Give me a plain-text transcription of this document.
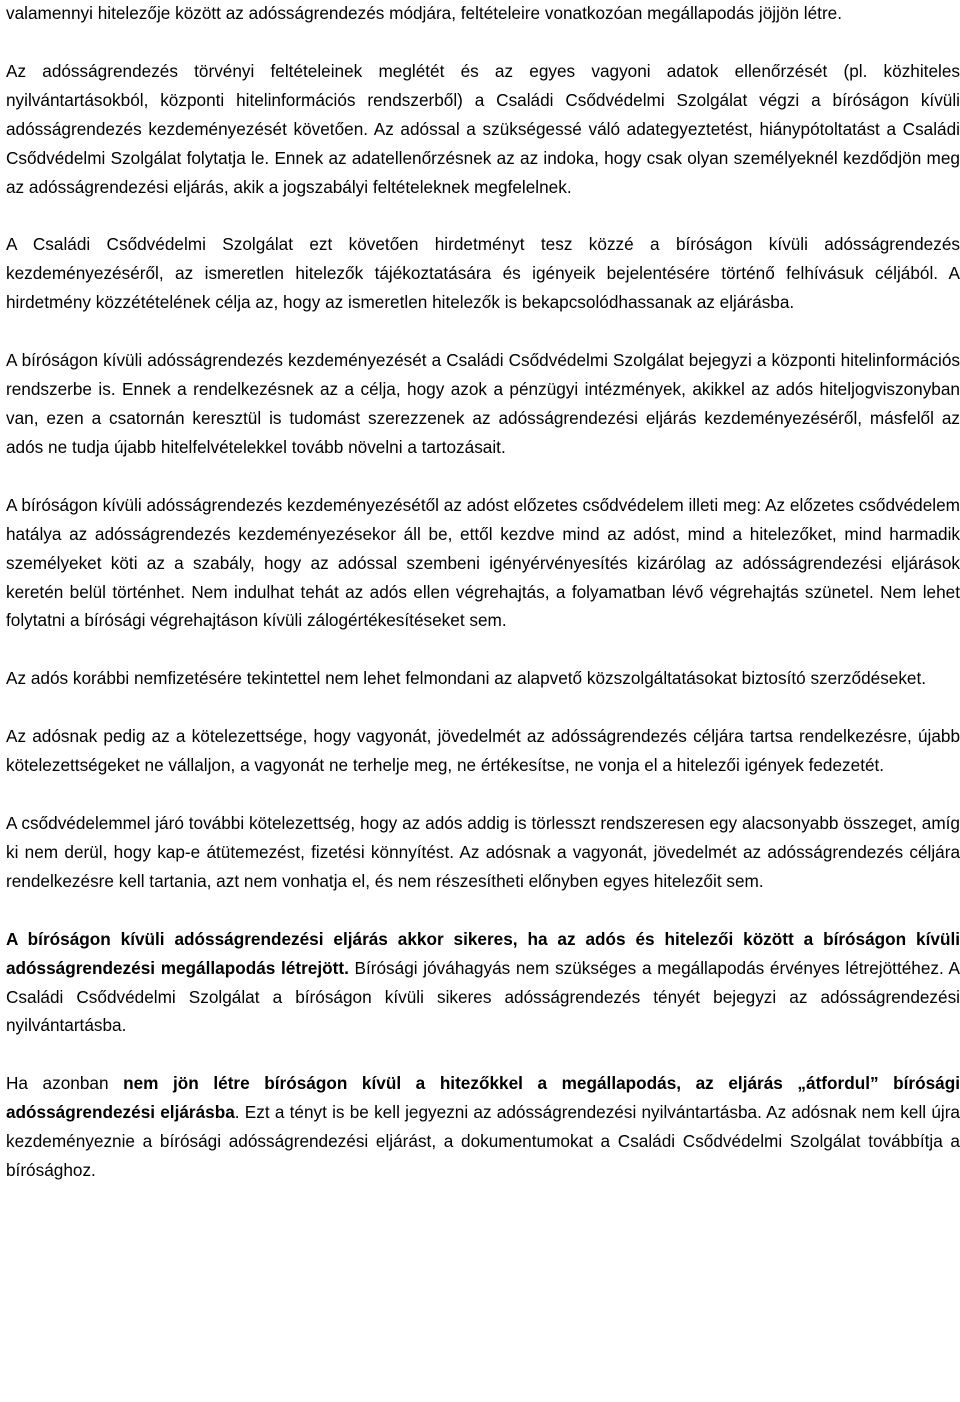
valamennyi hitelezője között az adósságrendezés módjára, feltételeire vonatkozóan megállapodás jöjjön létre.

Az adósságrendezés törvényi feltételeinek meglétét és az egyes vagyoni adatok ellenőrzését (pl. közhiteles nyilvántartásokból, központi hitelinformációs rendszerből) a Családi Csődvédelmi Szolgálat végzi a bíróságon kívüli adósságrendezés kezdeményezését követően. Az adóssal a szükségessé váló adategyeztetést, hiánypótoltatást a Családi Csődvédelmi Szolgálat folytatja le. Ennek az adatellenőrzésnek az az indoka, hogy csak olyan személyeknél kezdődjön meg az adósságrendezési eljárás, akik a jogszabályi feltételeknek megfelelnek.

A Családi Csődvédelmi Szolgálat ezt követően hirdetményt tesz közzé a bíróságon kívüli adósságrendezés kezdeményezéséről, az ismeretlen hitelezők tájékoztatására és igényeik bejelentésére történő felhívásuk céljából. A hirdetmény közzétételének célja az, hogy az ismeretlen hitelezők is bekapcsolódhassanak az eljárásba.

A bíróságon kívüli adósságrendezés kezdeményezését a Családi Csődvédelmi Szolgálat bejegyzi a központi hitelinformációs rendszerbe is. Ennek a rendelkezésnek az a célja, hogy azok a pénzügyi intézmények, akikkel az adós hiteljogviszonyban van, ezen a csatornán keresztül is tudomást szerezzenek az adósságrendezési eljárás kezdeményezéséről, másfelől az adós ne tudja újabb hitelfelvételekkel tovább növelni a tartozásait.

A bíróságon kívüli adósságrendezés kezdeményezésétől az adóst előzetes csődvédelem illeti meg: Az előzetes csődvédelem hatálya az adósságrendezés kezdeményezésekor áll be, ettől kezdve mind az adóst, mind a hitelezőket, mind harmadik személyeket köti az a szabály, hogy az adóssal szembeni igényérvényesítés kizárólag az adósságrendezési eljárások keretén belül történhet. Nem indulhat tehát az adós ellen végrehajtás, a folyamatban lévő végrehajtás szünetel. Nem lehet folytatni a bírósági végrehajtáson kívüli zálogértékesítéseket sem.

Az adós korábbi nemfizetésére tekintettel nem lehet felmondani az alapvető közszolgáltatásokat biztosító szerződéseket.

Az adósnak pedig az a kötelezettsége, hogy vagyonát, jövedelmét az adósságrendezés céljára tartsa rendelkezésre, újabb kötelezettségeket ne vállaljon, a vagyonát ne terhelje meg, ne értékesítse, ne vonja el a hitelezői igények fedezetét.

A csődvédelemmel járó további kötelezettség, hogy az adós addig is törlesszt rendszeresen egy alacsonyabb összeget, amíg ki nem derül, hogy kap-e átütemezést, fizetési könnyítést. Az adósnak a vagyonát, jövedelmét az adósságrendezés céljára rendelkezésre kell tartania, azt nem vonhatja el, és nem részesítheti előnyben egyes hitelezőit sem.

A bíróságon kívüli adósságrendezési eljárás akkor sikeres, ha az adós és hitelezői között a bíróságon kívüli adósságrendezési megállapodás létrejött. Bírósági jóváhagyás nem szükséges a megállapodás érvényes létrejöttéhez. A Családi Csődvédelmi Szolgálat a bíróságon kívüli sikeres adósságrendezés tényét bejegyzi az adósságrendezési nyilvántartásba.

Ha azonban nem jön létre bíróságon kívül a hitezőkkel a megállapodás, az eljárás „átfordul” bírósági adósságrendezési eljárásba. Ezt a tényt is be kell jegyezni az adósságrendezési nyilvántartásba. Az adósnak nem kell újra kezdeményeznie a bírósági adósságrendezési eljárást, a dokumentumokat a Családi Csődvédelmi Szolgálat továbbítja a bírósághoz.
